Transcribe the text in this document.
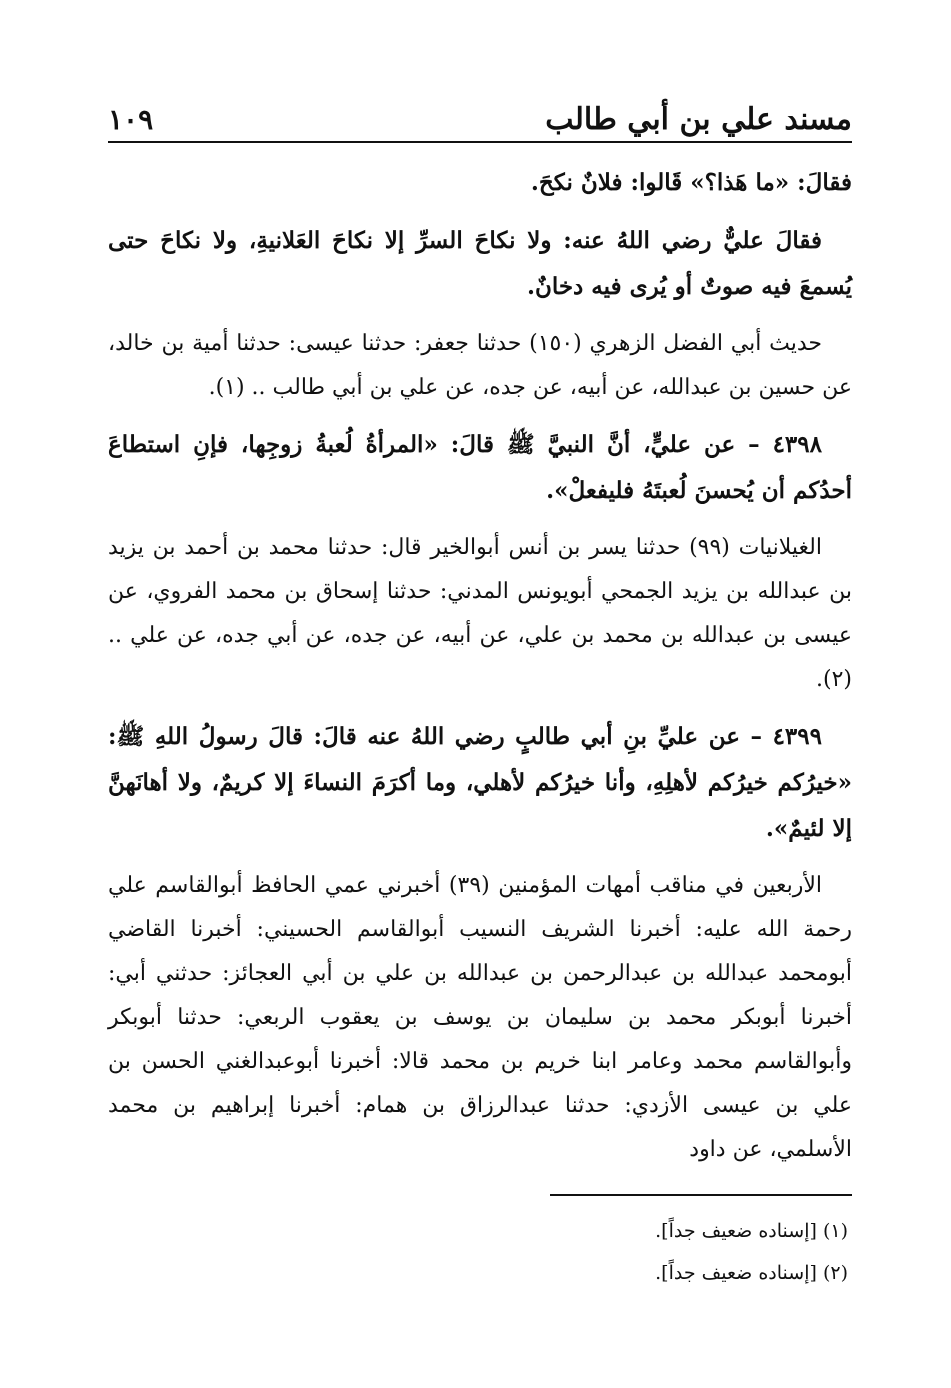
مسند علي بن أبي طالب
١٠٩

فقالَ: «ما هَذا؟» قَالوا: فلانٌ نكحَ.

فقالَ عليٌّ رضي اللهُ عنه: ولا نكاحَ السرِّ إلا نكاحَ العَلانيةِ، ولا نكاحَ حتى يُسمعَ فيه صوتٌ أو يُرى فيه دخانٌ.

حديث أبي الفضل الزهري (١٥٠) حدثنا جعفر: حدثنا عيسى: حدثنا أمية بن خالد، عن حسين بن عبدالله، عن أبيه، عن جده، عن علي بن أبي طالب .. (١).

٤٣٩٨ – عن عليٍّ، أنَّ النبيَّ ﷺ قالَ: «المرأةُ لُعبةُ زوجِها، فإنِ استطاعَ أحدُكم أن يُحسنَ لُعبتَهُ فليفعلْ».

الغيلانيات (٩٩) حدثنا يسر بن أنس أبوالخير قال: حدثنا محمد بن أحمد بن يزيد بن عبدالله بن يزيد الجمحي أبويونس المدني: حدثنا إسحاق بن محمد الفروي، عن عيسى بن عبدالله بن محمد بن علي، عن أبيه، عن جده، عن أبي جده، عن علي .. (٢).

٤٣٩٩ – عن عليِّ بنِ أبي طالبٍ رضي اللهُ عنه قالَ: قالَ رسولُ اللهِ ﷺ: «خيرُكم خيرُكم لأهلِهِ، وأنا خيرُكم لأهلي، وما أكرَمَ النساءَ إلا كريمٌ، ولا أهانَهنَّ إلا لئيمٌ».

الأربعين في مناقب أمهات المؤمنين (٣٩) أخبرني عمي الحافظ أبوالقاسم علي رحمة الله عليه: أخبرنا الشريف النسيب أبوالقاسم الحسيني: أخبرنا القاضي أبومحمد عبدالله بن عبدالرحمن بن عبدالله بن علي بن أبي العجائز: حدثني أبي: أخبرنا أبوبكر محمد بن سليمان بن يوسف بن يعقوب الربعي: حدثنا أبوبكر وأبوالقاسم محمد وعامر ابنا خريم بن محمد قالا: أخبرنا أبوعبدالغني الحسن بن علي بن عيسى الأزدي: حدثنا عبدالرزاق بن همام: أخبرنا إبراهيم بن محمد الأسلمي، عن داود

(١) [إسناده ضعيف جداً].

(٢) [إسناده ضعيف جداً].
